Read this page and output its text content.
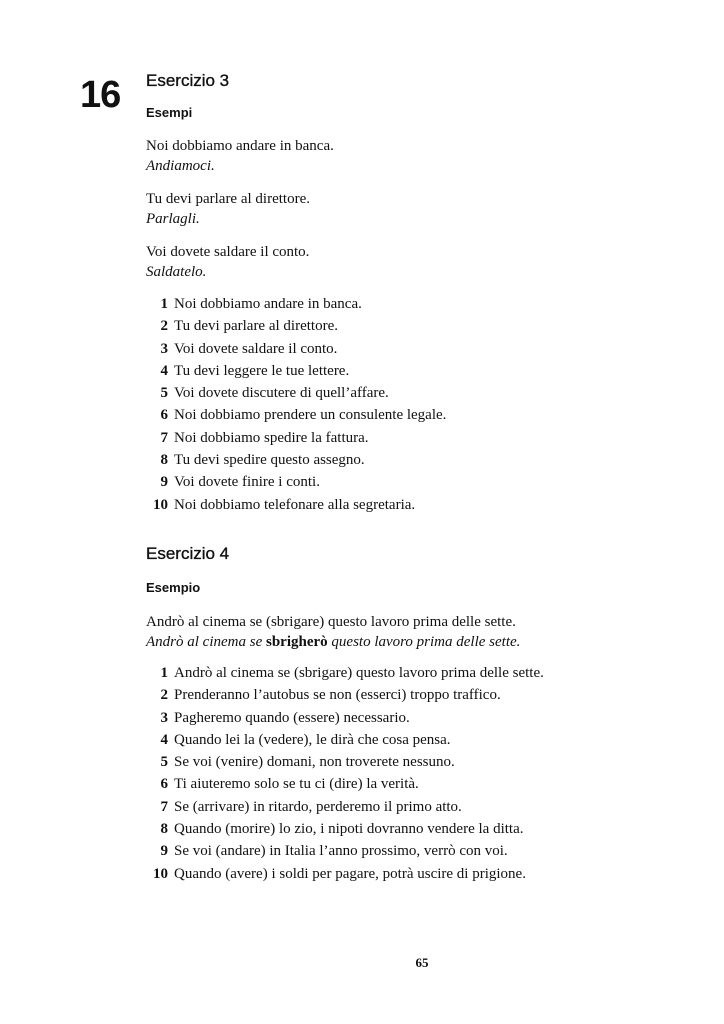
16 Esercizio 3
Esempi
Noi dobbiamo andare in banca.
Andiamoci.
Tu devi parlare al direttore.
Parlagli.
Voi dovete saldare il conto.
Saldatelo.
1 Noi dobbiamo andare in banca.
2 Tu devi parlare al direttore.
3 Voi dovete saldare il conto.
4 Tu devi leggere le tue lettere.
5 Voi dovete discutere di quell’affare.
6 Noi dobbiamo prendere un consulente legale.
7 Noi dobbiamo spedire la fattura.
8 Tu devi spedire questo assegno.
9 Voi dovete finire i conti.
10 Noi dobbiamo telefonare alla segretaria.
Esercizio 4
Esempio
Andrò al cinema se (sbrigare) questo lavoro prima delle sette.
Andrò al cinema se sbrigherò questo lavoro prima delle sette.
1 Andrò al cinema se (sbrigare) questo lavoro prima delle sette.
2 Prenderanno l’autobus se non (esserci) troppo traffico.
3 Pagheremo quando (essere) necessario.
4 Quando lei la (vedere), le dirà che cosa pensa.
5 Se voi (venire) domani, non troverete nessuno.
6 Ti aiuteremo solo se tu ci (dire) la verità.
7 Se (arrivare) in ritardo, perderemo il primo atto.
8 Quando (morire) lo zio, i nipoti dovranno vendere la ditta.
9 Se voi (andare) in Italia l’anno prossimo, verrò con voi.
10 Quando (avere) i soldi per pagare, potrà uscire di prigione.
65
